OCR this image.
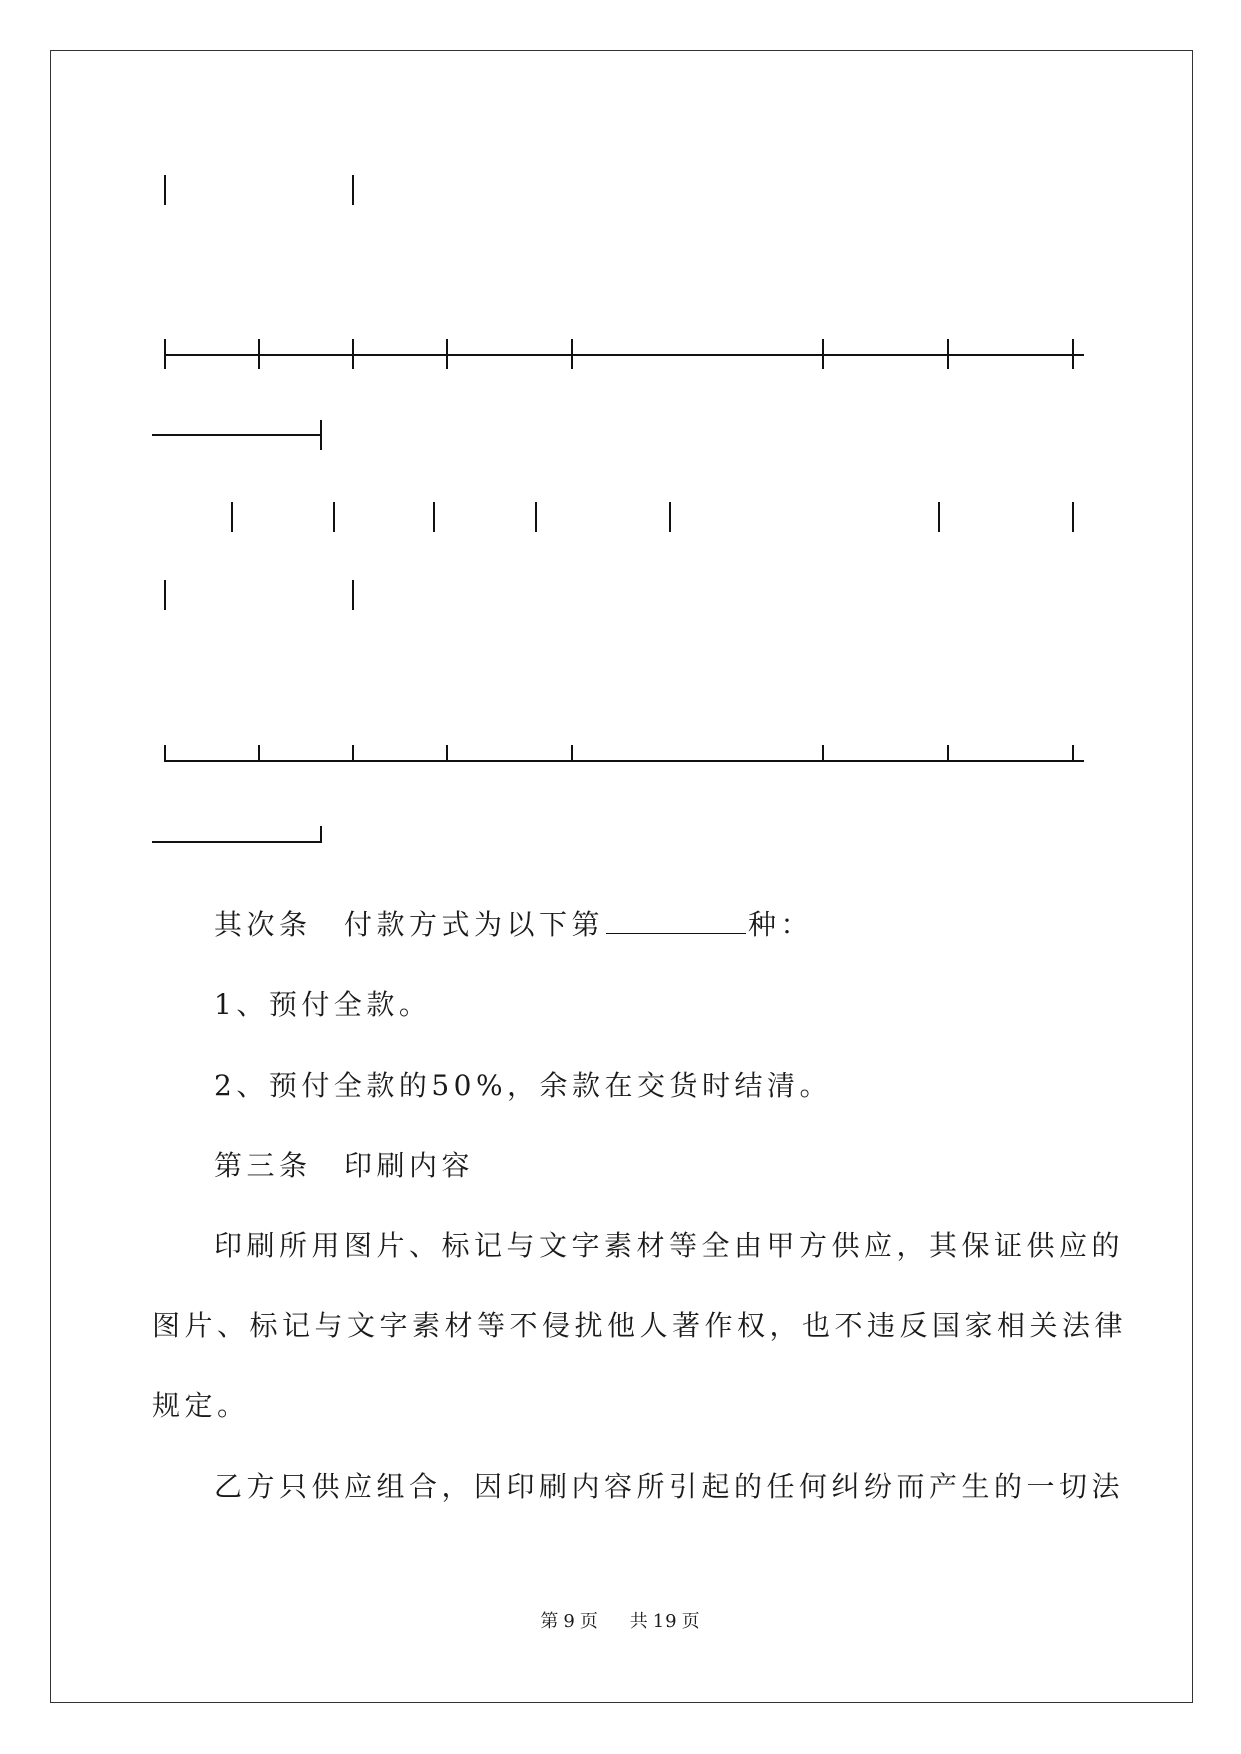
其次条　付款方式为以下第	种：
1、预付全款。
2、预付全款的50%，余款在交货时结清。
第三条　印刷内容
印刷所用图片、标记与文字素材等全由甲方供应，其保证供应的
图片、标记与文字素材等不侵扰他人著作权，也不违反国家相关法律
规定。
乙方只供应组合，因印刷内容所引起的任何纠纷而产生的一切法
第 9 页 共 19 页
